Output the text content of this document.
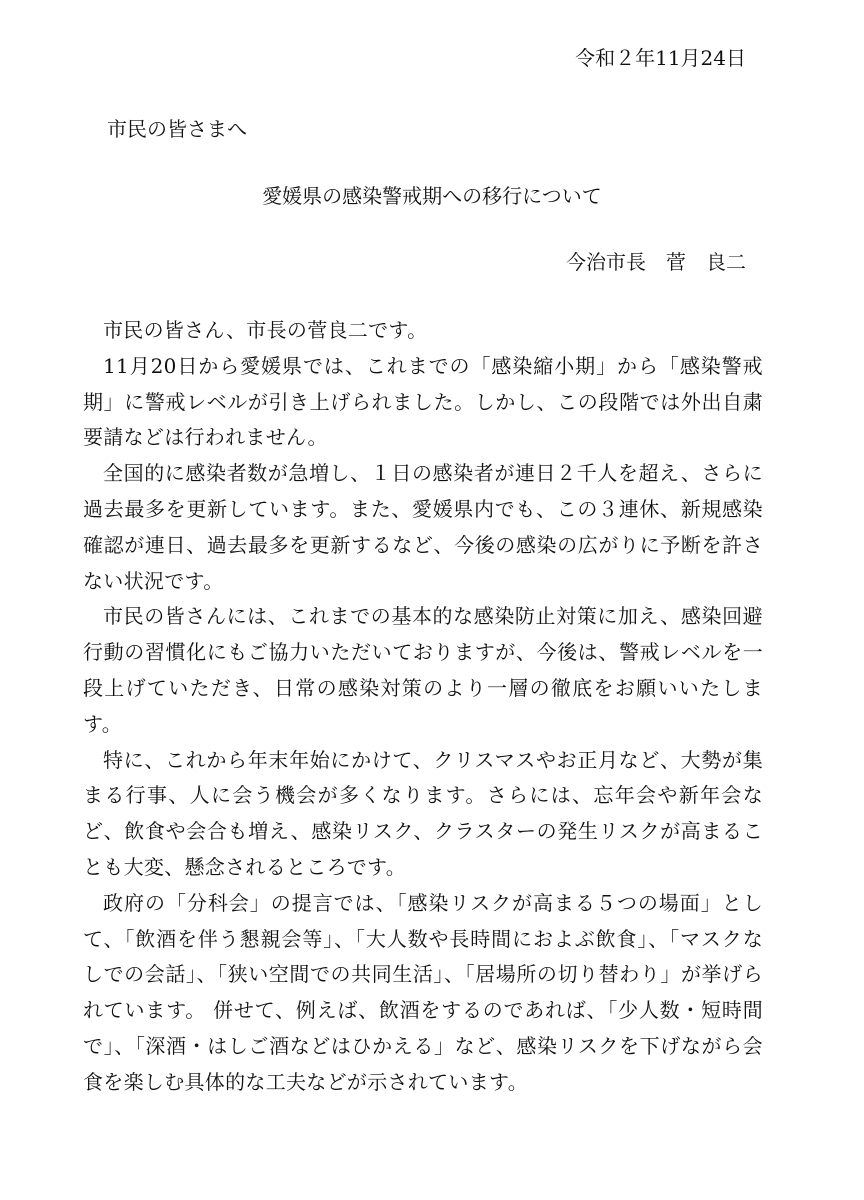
令和２年11月24日
市民の皆さまへ
愛媛県の感染警戒期への移行について
今治市長　菅　良二

市民の皆さん、市長の菅良二です。

11月20日から愛媛県では、これまでの「感染縮小期」から「感染警戒期」に警戒レベルが引き上げられました。しかし、この段階では外出自粛要請などは行われません。

全国的に感染者数が急増し、１日の感染者が連日２千人を超え、さらに過去最多を更新しています。また、愛媛県内でも、この３連休、新規感染確認が連日、過去最多を更新するなど、今後の感染の広がりに予断を許さない状況です。

市民の皆さんには、これまでの基本的な感染防止対策に加え、感染回避行動の習慣化にもご協力いただいておりますが、今後は、警戒レベルを一段上げていただき、日常の感染対策のより一層の徹底をお願いいたします。

特に、これから年末年始にかけて、クリスマスやお正月など、大勢が集まる行事、人に会う機会が多くなります。さらには、忘年会や新年会など、飲食や会合も増え、感染リスク、クラスターの発生リスクが高まることも大変、懸念されるところです。

政府の「分科会」の提言では、「感染リスクが高まる５つの場面」として、「飲酒を伴う懇親会等」、「大人数や長時間におよぶ飲食」、「マスクなしでの会話」、「狭い空間での共同生活」、「居場所の切り替わり」が挙げられています。 併せて、例えば、飲酒をするのであれば、「少人数・短時間で」、「深酒・はしご酒などはひかえる」など、感染リスクを下げながら会食を楽しむ具体的な工夫などが示されています。
